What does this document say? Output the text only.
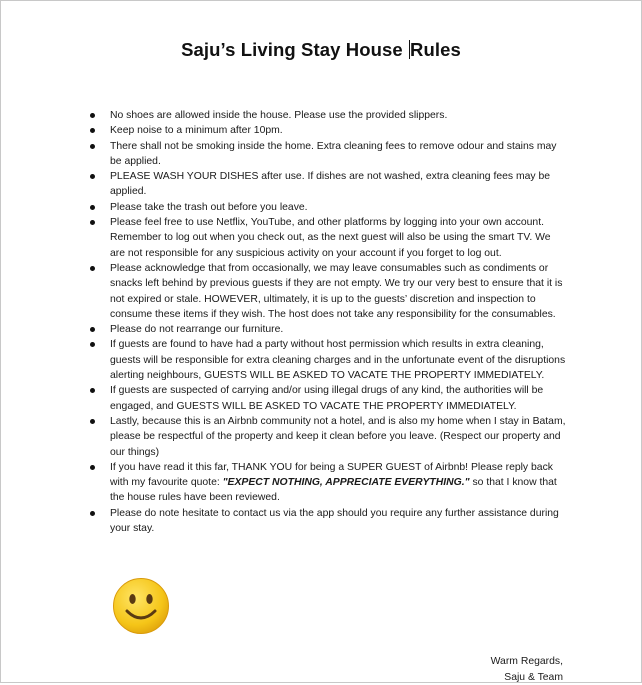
Saju’s Living Stay House Rules
No shoes are allowed inside the house. Please use the provided slippers.
Keep noise to a minimum after 10pm.
There shall not be smoking inside the home. Extra cleaning fees to remove odour and stains may be applied.
PLEASE WASH YOUR DISHES after use. If dishes are not washed, extra cleaning fees may be applied.
Please take the trash out before you leave.
Please feel free to use Netflix, YouTube, and other platforms by logging into your own account. Remember to log out when you check out, as the next guest will also be using the smart TV. We are not responsible for any suspicious activity on your account if you forget to log out.
Please acknowledge that from occasionally, we may leave consumables such as condiments or snacks left behind by previous guests if they are not empty. We try our very best to ensure that it is not expired or stale. HOWEVER, ultimately, it is up to the guests’ discretion and inspection to consume these items if they wish. The host does not take any responsibility for the consumables.
Please do not rearrange our furniture.
If guests are found to have had a party without host permission which results in extra cleaning, guests will be responsible for extra cleaning charges and in the unfortunate event of the disruptions alerting neighbours, GUESTS WILL BE ASKED TO VACATE THE PROPERTY IMMEDIATELY.
If guests are suspected of carrying and/or using illegal drugs of any kind, the authorities will be engaged, and GUESTS WILL BE ASKED TO VACATE THE PROPERTY IMMEDIATELY.
Lastly, because this is an Airbnb community not a hotel, and is also my home when I stay in Batam, please be respectful of the property and keep it clean before you leave. (Respect our property and our things)
If you have read it this far, THANK YOU for being a SUPER GUEST of Airbnb! Please reply back with my favourite quote: "EXPECT NOTHING, APPRECIATE EVERYTHING." so that I know that the house rules have been reviewed.
Please do note hesitate to contact us via the app should you require any further assistance during your stay.
Warm Regards,
Saju & Team
